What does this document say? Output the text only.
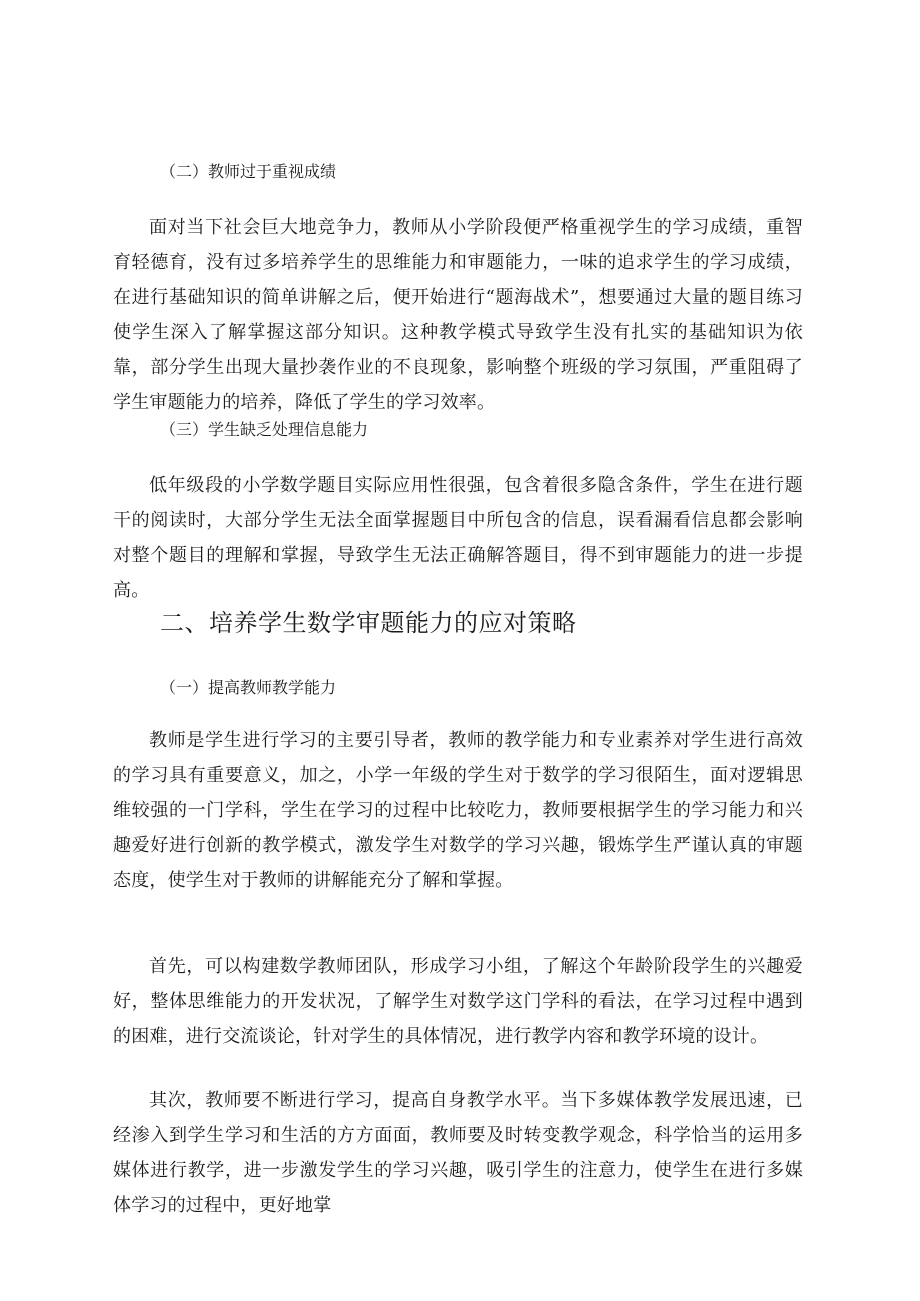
（二）教师过于重视成绩

面对当下社会巨大地竞争力，教师从小学阶段便严格重视学生的学习成绩，重智育轻德育，没有过多培养学生的思维能力和审题能力，一味的追求学生的学习成绩，在进行基础知识的简单讲解之后，便开始进行“题海战术”，想要通过大量的题目练习使学生深入了解掌握这部分知识。这种教学模式导致学生没有扎实的基础知识为依靠，部分学生出现大量抄袭作业的不良现象，影响整个班级的学习氛围，严重阻碍了学生审题能力的培养，降低了学生的学习效率。

（三）学生缺乏处理信息能力

低年级段的小学数学题目实际应用性很强，包含着很多隐含条件，学生在进行题干的阅读时，大部分学生无法全面掌握题目中所包含的信息，误看漏看信息都会影响对整个题目的理解和掌握，导致学生无法正确解答题目，得不到审题能力的进一步提高。

二、培养学生数学审题能力的应对策略

（一）提高教师教学能力

教师是学生进行学习的主要引导者，教师的教学能力和专业素养对学生进行高效的学习具有重要意义，加之，小学一年级的学生对于数学的学习很陌生，面对逻辑思维较强的一门学科，学生在学习的过程中比较吃力，教师要根据学生的学习能力和兴趣爱好进行创新的教学模式，激发学生对数学的学习兴趣，锻炼学生严谨认真的审题态度，使学生对于教师的讲解能充分了解和掌握。

首先，可以构建数学教师团队，形成学习小组，了解这个年龄阶段学生的兴趣爱好，整体思维能力的开发状况，了解学生对数学这门学科的看法，在学习过程中遇到的困难，进行交流谈论，针对学生的具体情况，进行教学内容和教学环境的设计。

其次，教师要不断进行学习，提高自身教学水平。当下多媒体教学发展迅速，已经渗入到学生学习和生活的方方面面，教师要及时转变教学观念，科学恰当的运用多媒体进行教学，进一步激发学生的学习兴趣，吸引学生的注意力，使学生在进行多媒体学习的过程中，更好地掌
